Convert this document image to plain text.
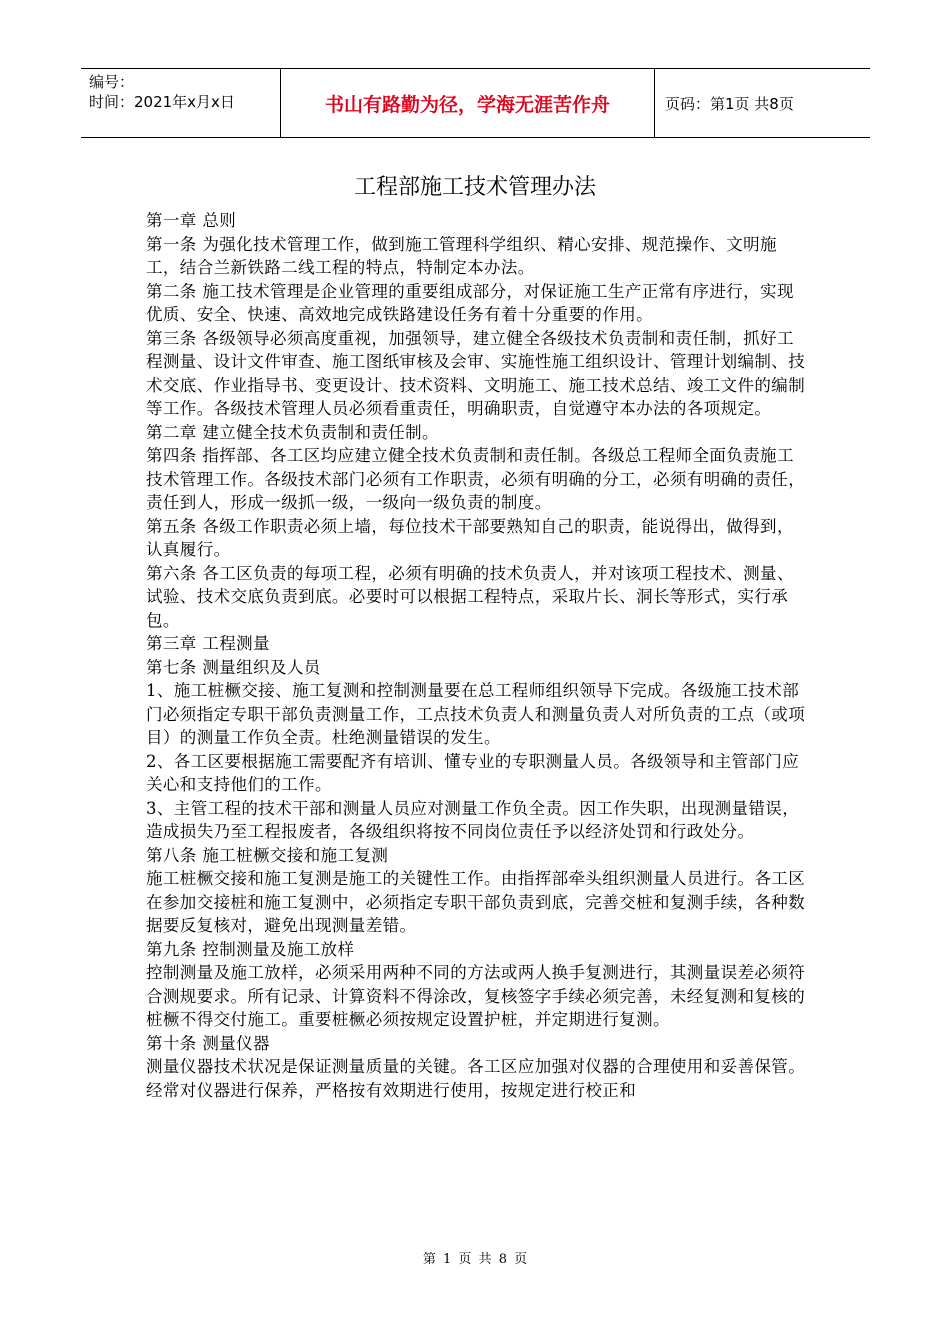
编号：
时间：2021年x月x日	书山有路勤为径，学海无涯苦作舟	页码：第1页 共8页
工程部施工技术管理办法

第一章 总则

第一条 为强化技术管理工作，做到施工管理科学组织、精心安排、规范操作、文明施工，结合兰新铁路二线工程的特点，特制定本办法。

第二条 施工技术管理是企业管理的重要组成部分，对保证施工生产正常有序进行，实现优质、安全、快速、高效地完成铁路建设任务有着十分重要的作用。

第三条 各级领导必须高度重视，加强领导，建立健全各级技术负责制和责任制，抓好工程测量、设计文件审查、施工图纸审核及会审、实施性施工组织设计、管理计划编制、技术交底、作业指导书、变更设计、技术资料、文明施工、施工技术总结、竣工文件的编制等工作。各级技术管理人员必须看重责任，明确职责，自觉遵守本办法的各项规定。

第二章 建立健全技术负责制和责任制。

第四条 指挥部、各工区均应建立健全技术负责制和责任制。各级总工程师全面负责施工技术管理工作。各级技术部门必须有工作职责，必须有明确的分工，必须有明确的责任，责任到人，形成一级抓一级，一级向一级负责的制度。

第五条 各级工作职责必须上墙，每位技术干部要熟知自己的职责，能说得出，做得到，认真履行。

第六条 各工区负责的每项工程，必须有明确的技术负责人，并对该项工程技术、测量、试验、技术交底负责到底。必要时可以根据工程特点，采取片长、洞长等形式，实行承包。

第三章 工程测量

第七条 测量组织及人员

1、施工桩橛交接、施工复测和控制测量要在总工程师组织领导下完成。各级施工技术部门必须指定专职干部负责测量工作，工点技术负责人和测量负责人对所负责的工点（或项目）的测量工作负全责。杜绝测量错误的发生。

2、各工区要根据施工需要配齐有培训、懂专业的专职测量人员。各级领导和主管部门应关心和支持他们的工作。

3、主管工程的技术干部和测量人员应对测量工作负全责。因工作失职，出现测量错误，造成损失乃至工程报废者，各级组织将按不同岗位责任予以经济处罚和行政处分。

第八条 施工桩橛交接和施工复测

施工桩橛交接和施工复测是施工的关键性工作。由指挥部牵头组织测量人员进行。各工区在参加交接桩和施工复测中，必须指定专职干部负责到底，完善交桩和复测手续，各种数据要反复核对，避免出现测量差错。

第九条 控制测量及施工放样

控制测量及施工放样，必须采用两种不同的方法或两人换手复测进行，其测量误差必须符合测规要求。所有记录、计算资料不得涂改，复核签字手续必须完善，未经复测和复核的桩橛不得交付施工。重要桩橛必须按规定设置护桩，并定期进行复测。

第十条 测量仪器

测量仪器技术状况是保证测量质量的关键。各工区应加强对仪器的合理使用和妥善保管。经常对仪器进行保养，严格按有效期进行使用，按规定进行校正和

第 1 页 共 8 页
